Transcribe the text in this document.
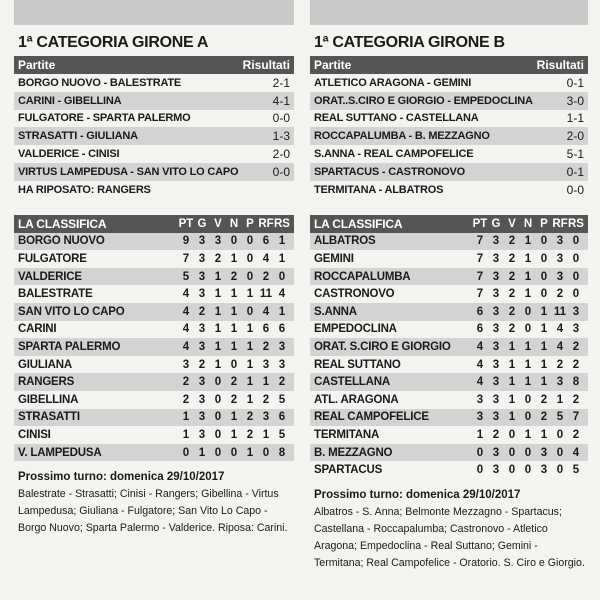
1ª CATEGORIA GIRONE A
Partite	Risultati
BORGO NUOVO - BALESTRATE	2-1
CARINI - GIBELLINA	4-1
FULGATORE - SPARTA PALERMO	0-0
STRASATTI - GIULIANA	1-3
VALDERICE - CINISI	2-0
VIRTUS LAMPEDUSA - SAN VITO LO CAPO	0-0
HA RIPOSATO: RANGERS
LA CLASSIFICA	PT G V N P RF RS
BORGO NUOVO	9 3 3 0 0 6 1
FULGATORE	7 3 2 1 0 4 1
VALDERICE	5 3 1 2 0 2 0
BALESTRATE	4 3 1 1 1 11 4
SAN VITO LO CAPO	4 2 1 1 0 4 1
CARINI	4 3 1 1 1 6 6
SPARTA PALERMO	4 3 1 1 1 2 3
GIULIANA	3 2 1 0 1 3 3
RANGERS	2 3 0 2 1 1 2
GIBELLINA	2 3 0 2 1 2 5
STRASATTI	1 3 0 1 2 3 6
CINISI	1 3 0 1 2 1 5
V. LAMPEDUSA	0 1 0 0 1 0 8
Prossimo turno: domenica 29/10/2017
Balestrate - Strasatti; Cinisi - Rangers; Gibellina - Virtus Lampedusa; Giuliana - Fulgatore; San Vito Lo Capo - Borgo Nuovo; Sparta Palermo - Valderice. Riposa: Carini.
1ª CATEGORIA GIRONE B
Partite	Risultati
ATLETICO ARAGONA - GEMINI	0-1
ORAT..S.CIRO E GIORGIO - EMPEDOCLINA	3-0
REAL SUTTANO - CASTELLANA	1-1
ROCCAPALUMBA - B. MEZZAGNO	2-0
S.ANNA - REAL CAMPOFELICE	5-1
SPARTACUS - CASTRONOVO	0-1
TERMITANA - ALBATROS	0-0
LA CLASSIFICA	PT G V N P RF RS
ALBATROS	7 3 2 1 0 3 0
GEMINI	7 3 2 1 0 3 0
ROCCAPALUMBA	7 3 2 1 0 3 0
CASTRONOVO	7 3 2 1 0 2 0
S.ANNA	6 3 2 0 1 11 3
EMPEDOCLINA	6 3 2 0 1 4 3
ORAT. S.CIRO E GIORGIO	4 3 1 1 1 4 2
REAL SUTTANO	4 3 1 1 1 2 2
CASTELLANA	4 3 1 1 1 3 8
ATL. ARAGONA	3 3 1 0 2 1 2
REAL CAMPOFELICE	3 3 1 0 2 5 7
TERMITANA	1 2 0 1 1 0 2
B. MEZZAGNO	0 3 0 0 3 0 4
SPARTACUS	0 3 0 0 3 0 5
Prossimo turno: domenica 29/10/2017
Albatros - S. Anna; Belmonte Mezzagno - Spartacus; Castellana - Roccapalumba; Castronovo - Atletico Aragona; Empedoclina - Real Suttano; Gemini - Termitana; Real Campofelice - Oratorio. S. Ciro e Giorgio.
